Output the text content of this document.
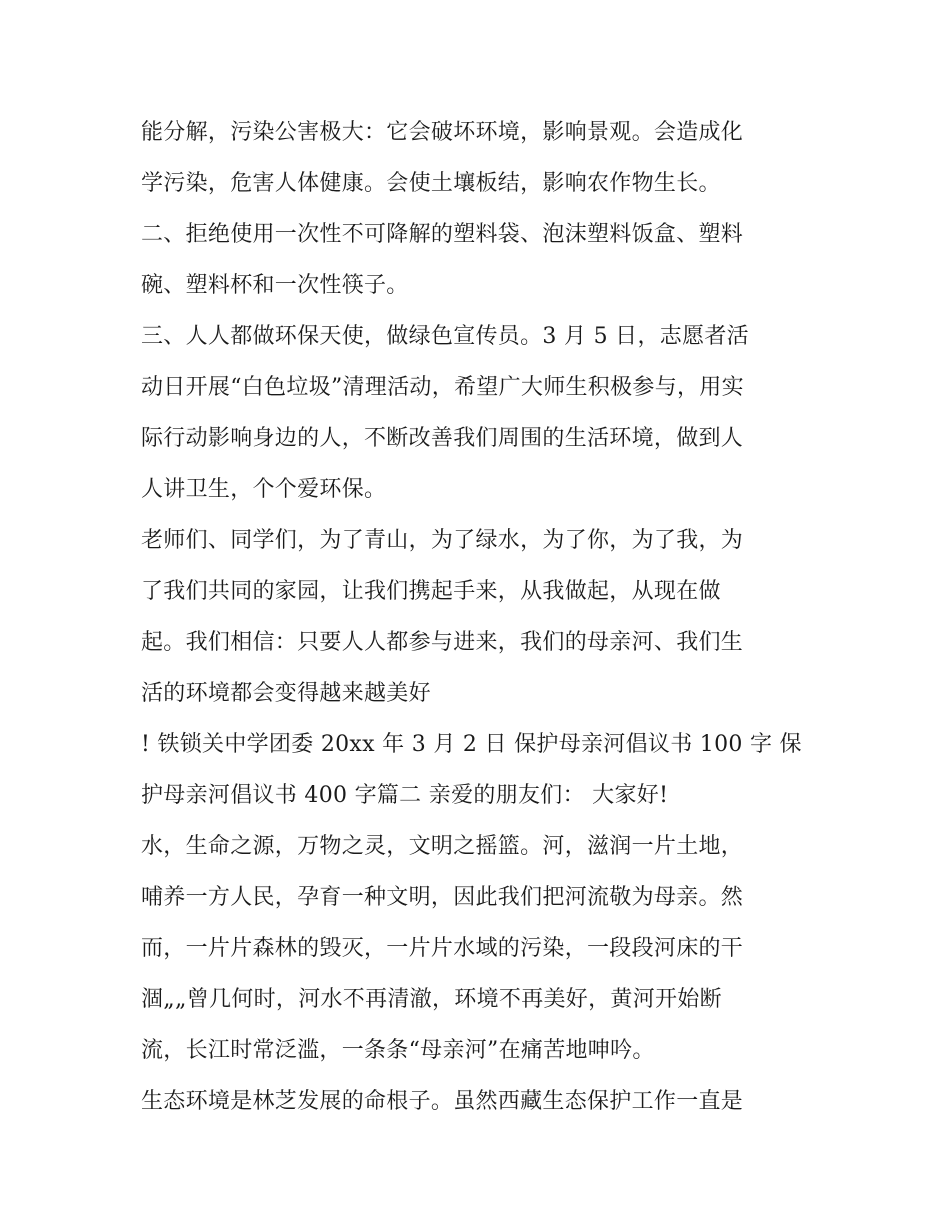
能分解，污染公害极大：它会破坏环境，影响景观。会造成化
学污染，危害人体健康。会使土壤板结，影响农作物生长。
二、拒绝使用一次性不可降解的塑料袋、泡沫塑料饭盒、塑料
碗、塑料杯和一次性筷子。
三、人人都做环保天使，做绿色宣传员。3 月 5 日，志愿者活
动日开展“白色垃圾”清理活动，希望广大师生积极参与，用实
际行动影响身边的人，不断改善我们周围的生活环境，做到人
人讲卫生，个个爱环保。
老师们、同学们，为了青山，为了绿水，为了你，为了我，为
了我们共同的家园，让我们携起手来，从我做起，从现在做
起。我们相信：只要人人都参与进来，我们的母亲河、我们生
活的环境都会变得越来越美好
! 铁锁关中学团委 20xx 年 3 月 2 日 保护母亲河倡议书 100 字 保
护母亲河倡议书 400 字篇二 亲爱的朋友们： 大家好!
水，生命之源，万物之灵，文明之摇篮。河，滋润一片土地，
哺养一方人民，孕育一种文明，因此我们把河流敬为母亲。然
而，一片片森林的毁灭，一片片水域的污染，一段段河床的干
涸„„曾几何时，河水不再清澈，环境不再美好，黄河开始断
流，长江时常泛滥，一条条“母亲河”在痛苦地呻吟。
生态环境是林芝发展的命根子。虽然西藏生态保护工作一直是
